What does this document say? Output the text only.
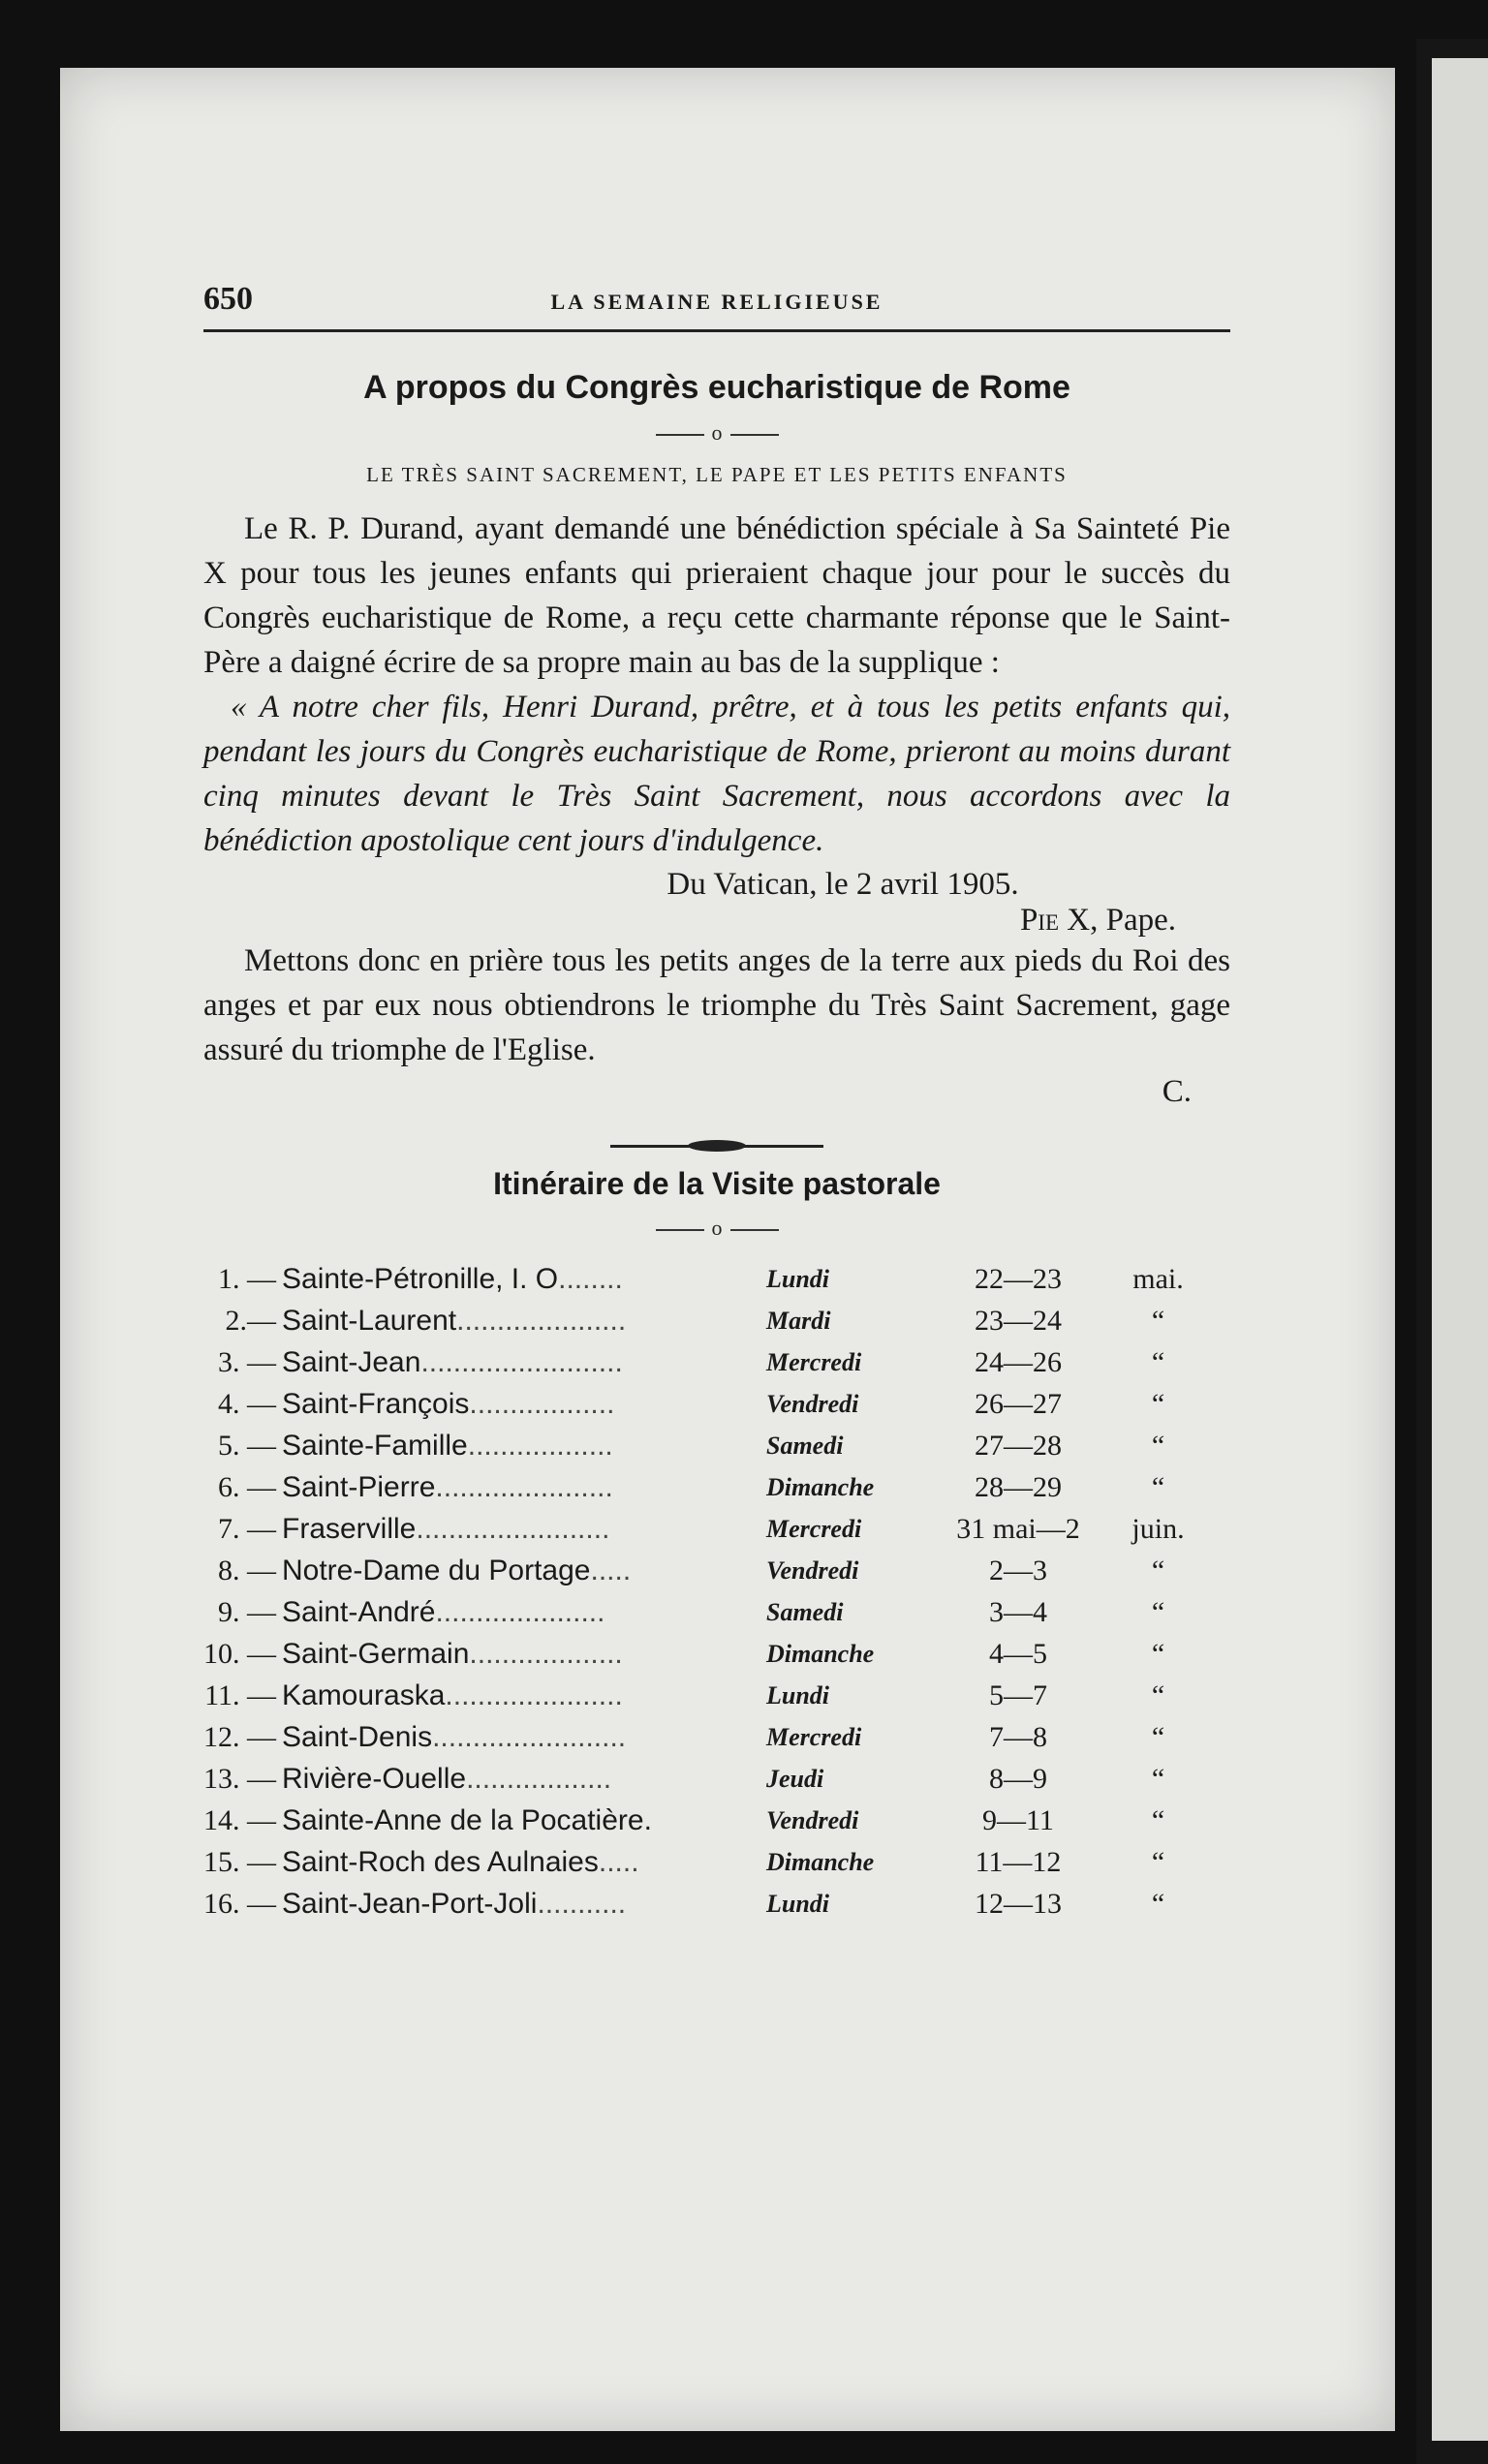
650	LA SEMAINE RELIGIEUSE
A propos du Congrès eucharistique de Rome
o
LE TRÈS SAINT SACREMENT, LE PAPE ET LES PETITS ENFANTS

Le R. P. Durand, ayant demandé une bénédiction spéciale à Sa Sainteté Pie X pour tous les jeunes enfants qui prieraient chaque jour pour le succès du Congrès eucharistique de Rome, a reçu cette charmante réponse que le Saint-Père a daigné écrire de sa propre main au bas de la supplique :

« A notre cher fils, Henri Durand, prêtre, et à tous les petits enfants qui, pendant les jours du Congrès eucharistique de Rome, prieront au moins durant cinq minutes devant le Très Saint Sacrement, nous accordons avec la bénédiction apostolique cent jours d'indulgence.

Du Vatican, le 2 avril 1905.
Pie X, Pape.

Mettons donc en prière tous les petits anges de la terre aux pieds du Roi des anges et par eux nous obtiendrons le triomphe du Très Saint Sacrement, gage assuré du triomphe de l'Eglise.

C.
Itinéraire de la Visite pastorale
o
1. —	Sainte-Pétronille, I. O........	Lundi	22—23	mai.
2.—	Saint-Laurent.....................	Mardi	23—24	“
3. —	Saint-Jean.........................	Mercredi	24—26	“
4. —	Saint-François..................	Vendredi	26—27	“
5. —	Sainte-Famille..................	Samedi	27—28	“
6. —	Saint-Pierre......................	Dimanche	28—29	“
7. —	Fraserville........................	Mercredi	31 mai—2	juin.
8. —	Notre-Dame du Portage.....	Vendredi	2—3	“
9. —	Saint-André.....................	Samedi	3—4	“
10. —	Saint-Germain...................	Dimanche	4—5	“
11. —	Kamouraska......................	Lundi	5—7	“
12. —	Saint-Denis........................	Mercredi	7—8	“
13. —	Rivière-Ouelle..................	Jeudi	8—9	“
14. —	Sainte-Anne de la Pocatière.	Vendredi	9—11	“
15. —	Saint-Roch des Aulnaies.....	Dimanche	11—12	“
16. —	Saint-Jean-Port-Joli...........	Lundi	12—13	“
